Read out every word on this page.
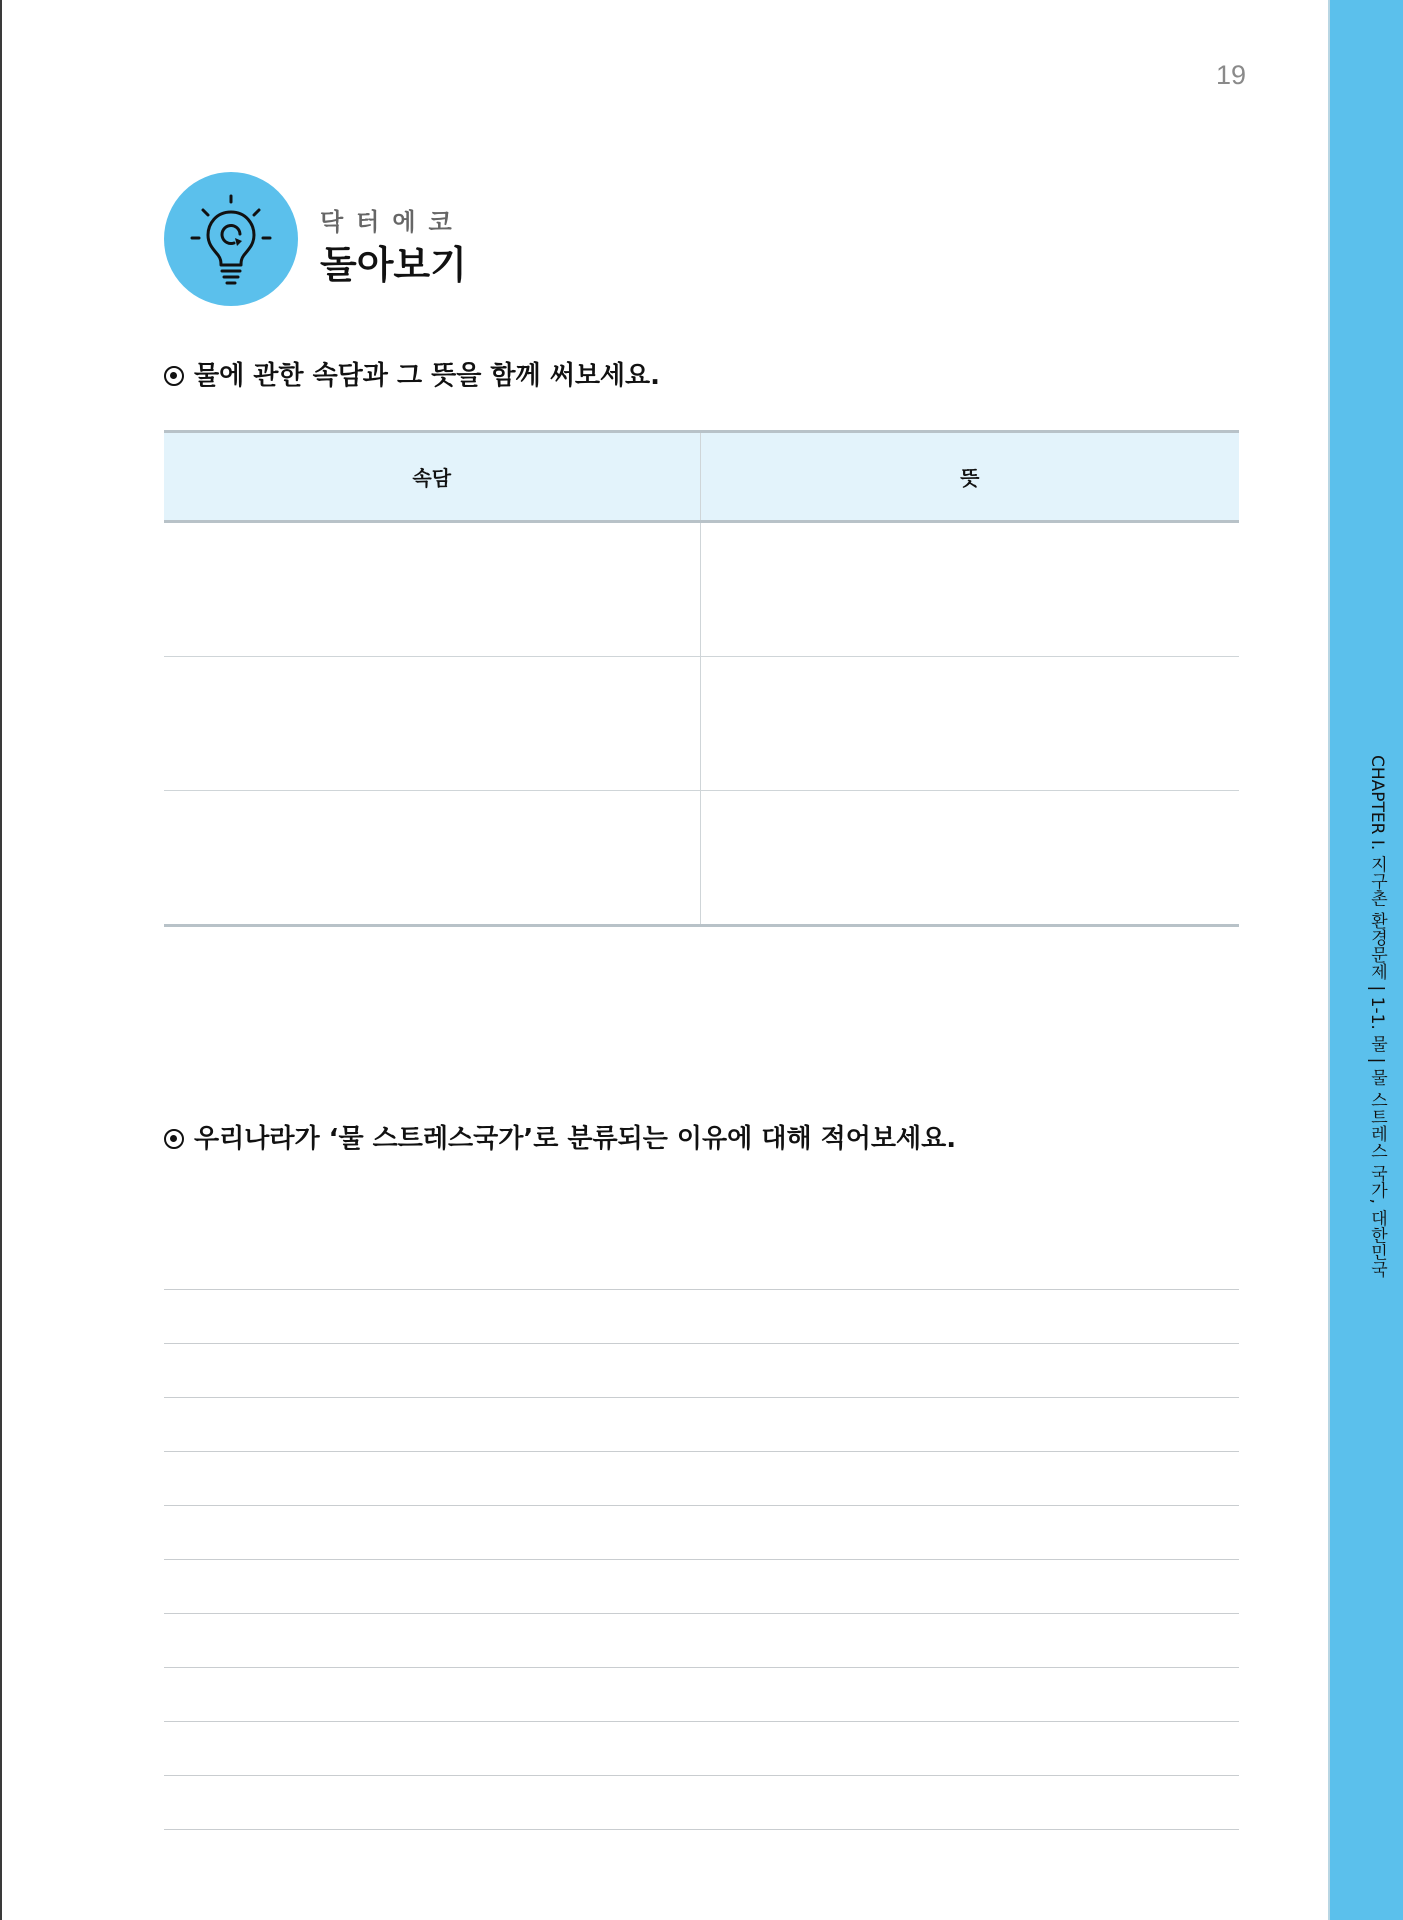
19
CHAPTER I. 지구촌 환경문제 | 1-1. 물 | 물 스트레스 국가, 대한민국
닥터에코
돌아보기
물에 관한 속담과 그 뜻을 함께 써보세요.
속담	뜻

우리나라가 ‘물 스트레스국가’로 분류되는 이유에 대해 적어보세요.
